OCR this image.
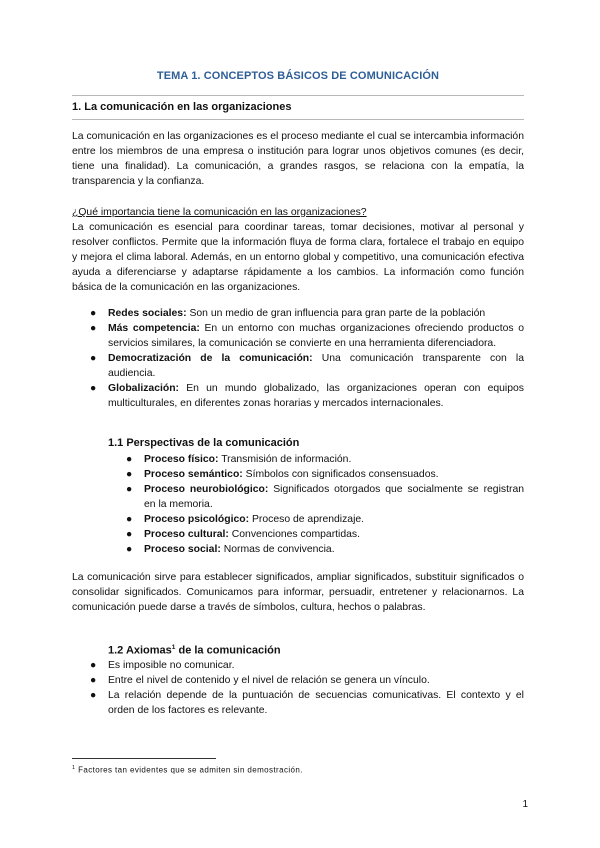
TEMA 1. CONCEPTOS BÁSICOS DE COMUNICACIÓN
1. La comunicación en las organizaciones
La comunicación en las organizaciones es el proceso mediante el cual se intercambia información entre los miembros de una empresa o institución para lograr unos objetivos comunes (es decir, tiene una finalidad). La comunicación, a grandes rasgos, se relaciona con la empatía, la transparencia y la confianza.
¿Qué importancia tiene la comunicación en las organizaciones?
La comunicación es esencial para coordinar tareas, tomar decisiones, motivar al personal y resolver conflictos. Permite que la información fluya de forma clara, fortalece el trabajo en equipo y mejora el clima laboral. Además, en un entorno global y competitivo, una comunicación efectiva ayuda a diferenciarse y adaptarse rápidamente a los cambios. La información como función básica de la comunicación en las organizaciones.
● Redes sociales: Son un medio de gran influencia para gran parte de la población
● Más competencia: En un entorno con muchas organizaciones ofreciendo productos o servicios similares, la comunicación se convierte en una herramienta diferenciadora.
● Democratización de la comunicación: Una comunicación transparente con la audiencia.
● Globalización: En un mundo globalizado, las organizaciones operan con equipos multiculturales, en diferentes zonas horarias y mercados internacionales.
1.1 Perspectivas de la comunicación
● Proceso físico: Transmisión de información.
● Proceso semántico: Símbolos con significados consensuados.
● Proceso neurobiológico: Significados otorgados que socialmente se registran en la memoria.
● Proceso psicológico: Proceso de aprendizaje.
● Proceso cultural: Convenciones compartidas.
● Proceso social: Normas de convivencia.
La comunicación sirve para establecer significados, ampliar significados, substituir significados o consolidar significados. Comunicamos para informar, persuadir, entretener y relacionarnos. La comunicación puede darse a través de símbolos, cultura, hechos o palabras.
1.2 Axiomas$^1$ de la comunicación
● Es imposible no comunicar.
● Entre el nivel de contenido y el nivel de relación se genera un vínculo.
● La relación depende de la puntuación de secuencias comunicativas. El contexto y el orden de los factores es relevante.
$^1$ Factores tan evidentes que se admiten sin demostración.
1
